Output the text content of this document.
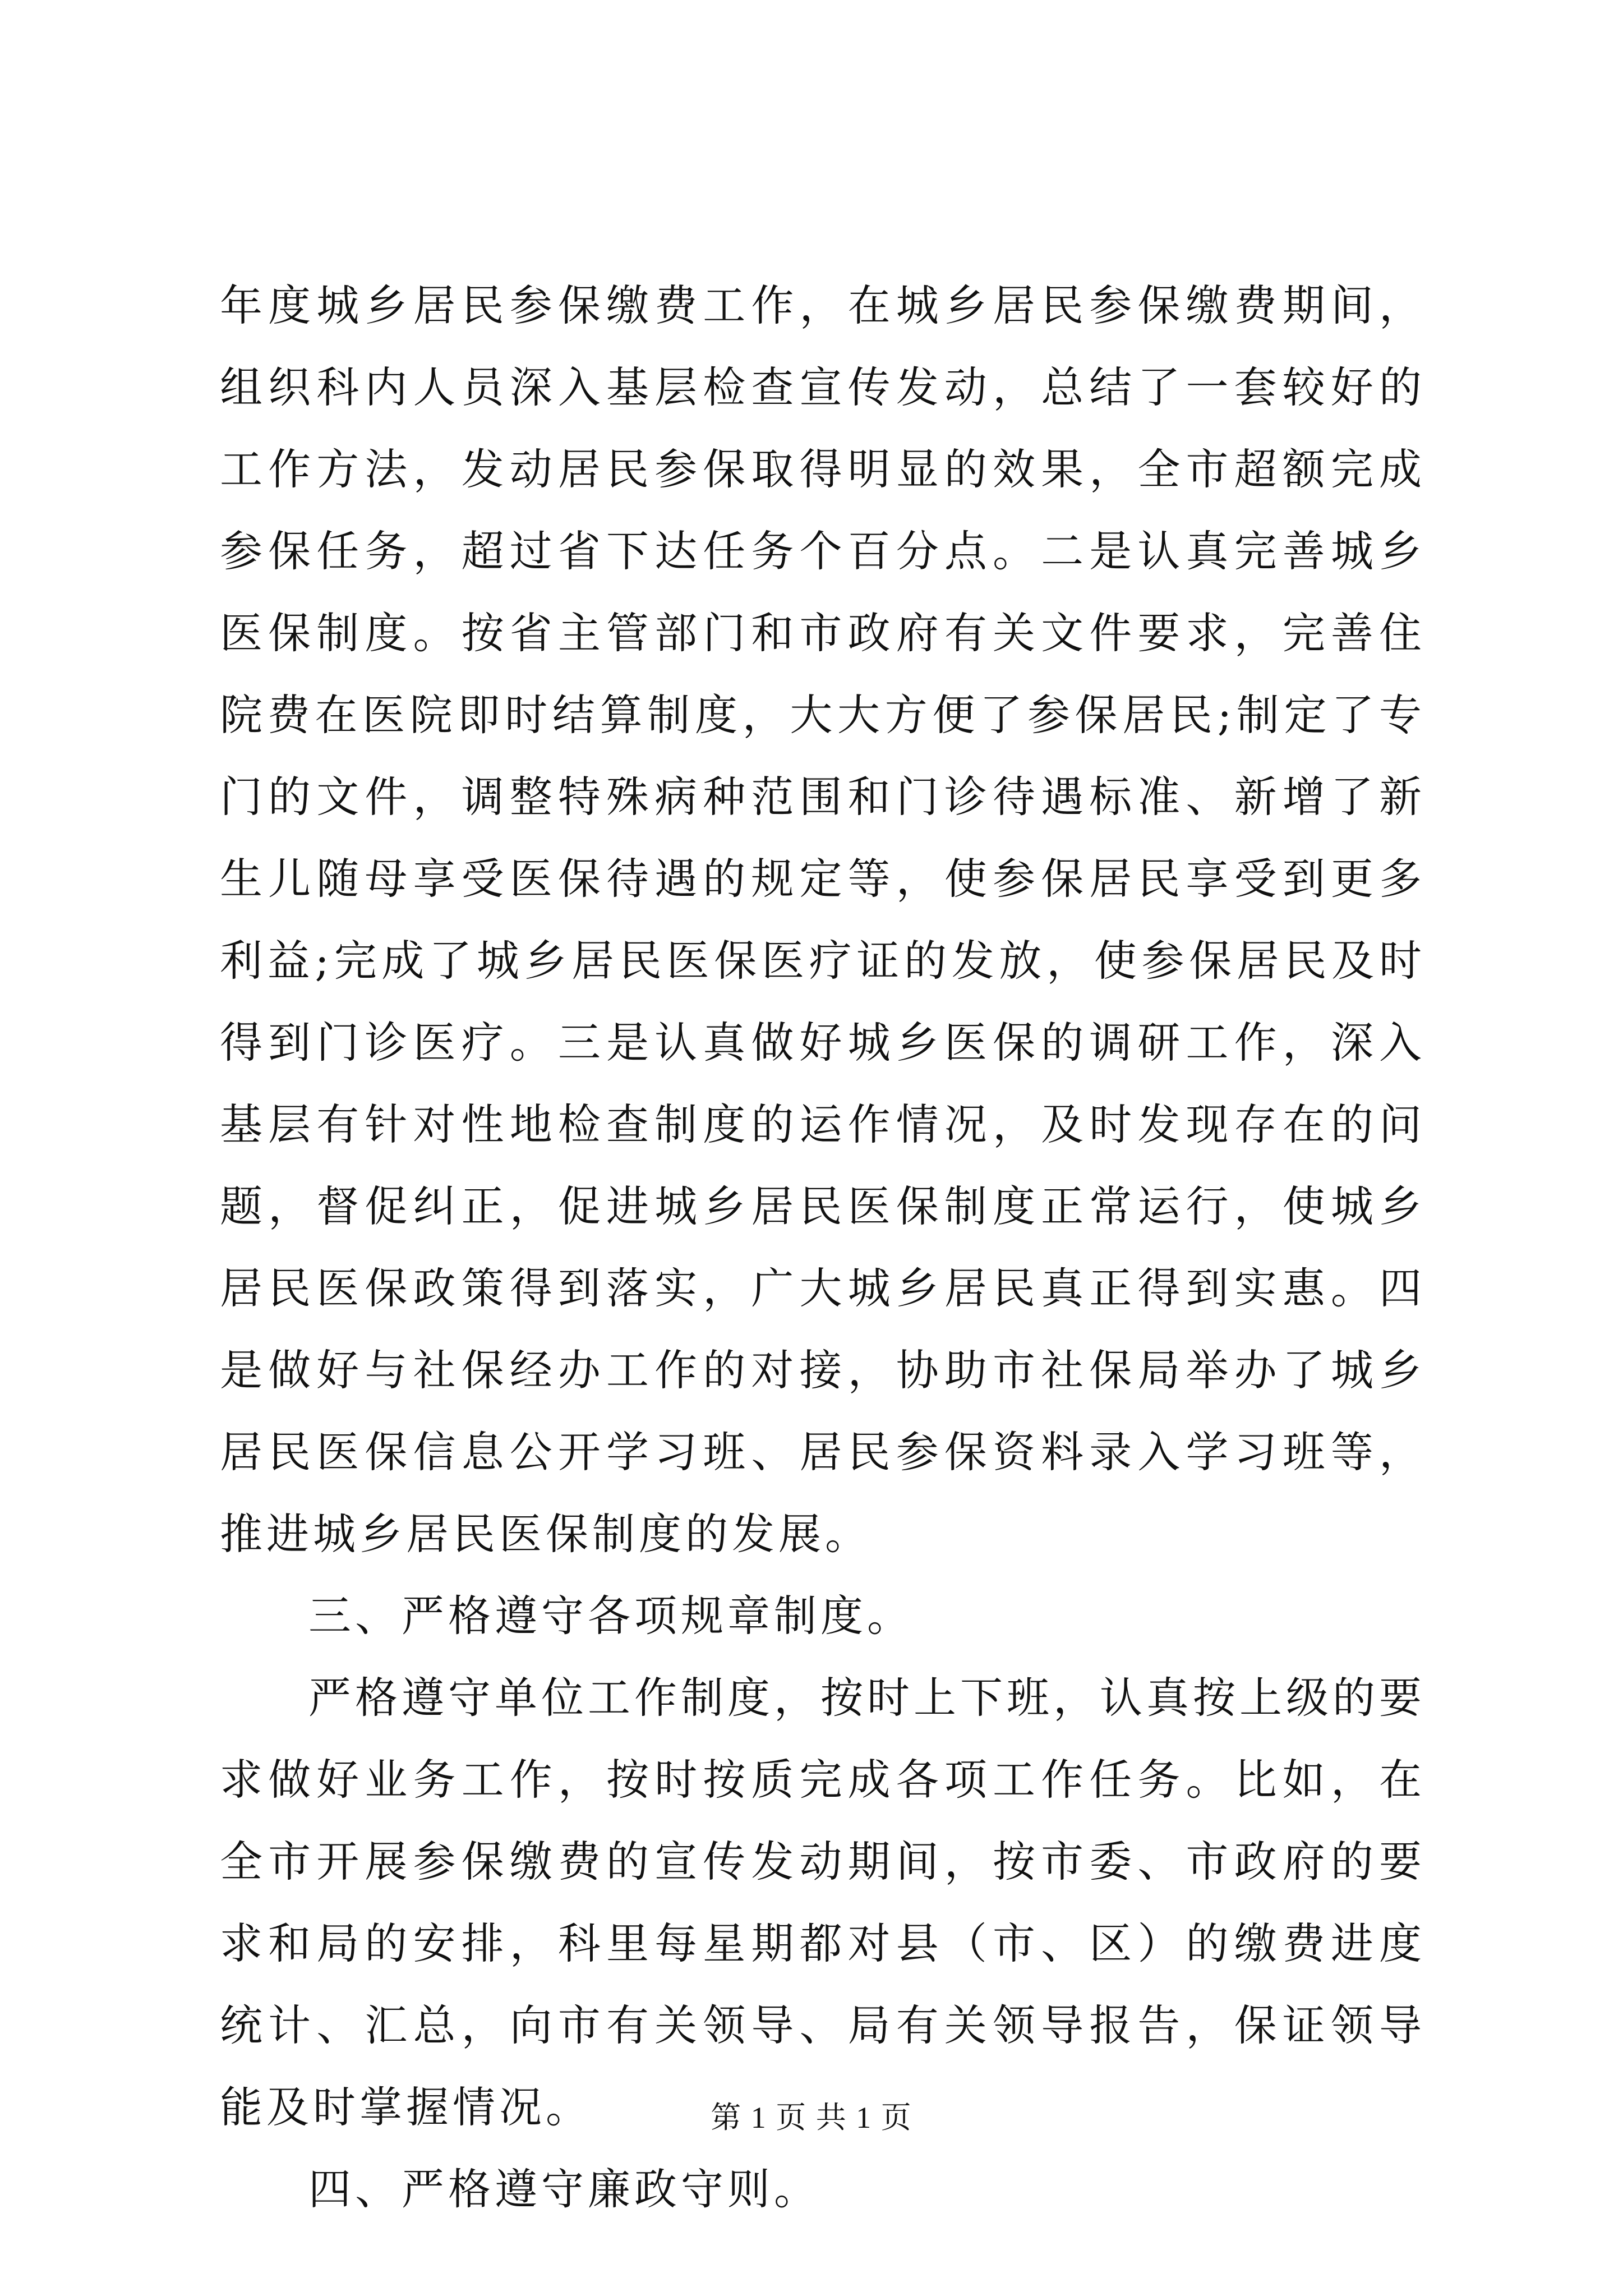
年度城乡居民参保缴费工作，在城乡居民参保缴费期间，组织科内人员深入基层检查宣传发动，总结了一套较好的工作方法，发动居民参保取得明显的效果，全市超额完成参保任务，超过省下达任务个百分点。二是认真完善城乡医保制度。按省主管部门和市政府有关文件要求，完善住院费在医院即时结算制度，大大方便了参保居民;制定了专门的文件，调整特殊病种范围和门诊待遇标准、新增了新生儿随母享受医保待遇的规定等，使参保居民享受到更多利益;完成了城乡居民医保医疗证的发放，使参保居民及时得到门诊医疗。三是认真做好城乡医保的调研工作，深入基层有针对性地检查制度的运作情况，及时发现存在的问题，督促纠正，促进城乡居民医保制度正常运行，使城乡居民医保政策得到落实，广大城乡居民真正得到实惠。四是做好与社保经办工作的对接，协助市社保局举办了城乡居民医保信息公开学习班、居民参保资料录入学习班等，推进城乡居民医保制度的发展。

三、严格遵守各项规章制度。

严格遵守单位工作制度，按时上下班，认真按上级的要求做好业务工作，按时按质完成各项工作任务。比如，在全市开展参保缴费的宣传发动期间，按市委、市政府的要求和局的安排，科里每星期都对县（市、区）的缴费进度统计、汇总，向市有关领导、局有关领导报告，保证领导能及时掌握情况。

四、严格遵守廉政守则。

第 1 页 共 1 页
